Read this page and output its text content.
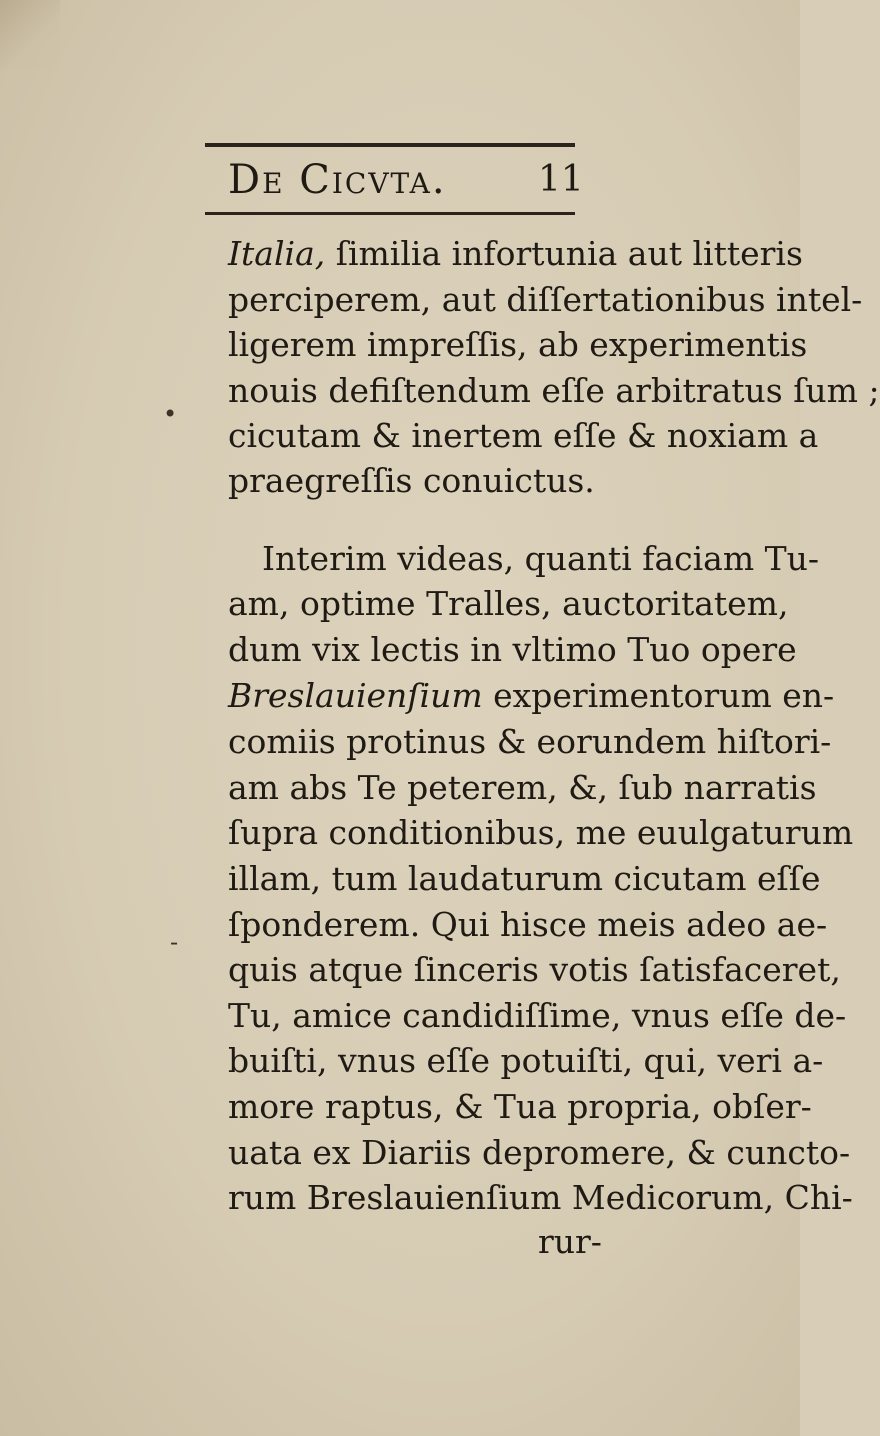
De Cicvta.	11
Italia, ſimilia infortunia aut litteris
perciperem, aut diſſertationibus intel-
ligerem impreſſis, ab experimentis
nouis defiſtendum eſſe arbitratus ſum ;
cicutam & inertem eſſe & noxiam a
praegreſſis conuictus.
Interim videas, quanti faciam Tu-
am, optime Tralles, auctoritatem,
dum vix lectis in vltimo Tuo opere
Breslauienſium experimentorum en-
comiis protinus & eorundem hiſtori-
am abs Te peterem, &, ſub narratis
ſupra conditionibus, me euulgaturum
illam, tum laudaturum cicutam eſſe
ſponderem. Qui hisce meis adeo ae-
quis atque ſinceris votis ſatisfaceret,
Tu, amice candidiſſime, vnus eſſe de-
buiſti, vnus eſſe potuiſti, qui, veri a-
more raptus, & Tua propria, obſer-
uata ex Diariis depromere, & cuncto-
rum Breslauienſium Medicorum, Chi-
rur-
•
-
